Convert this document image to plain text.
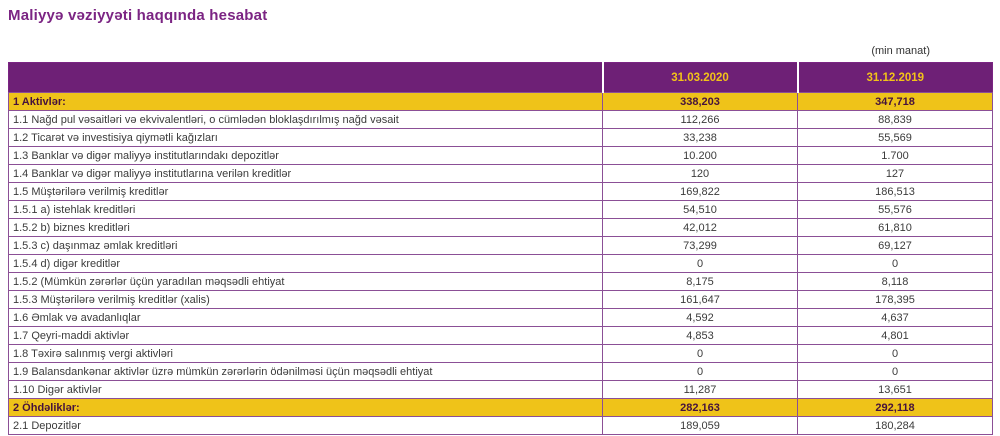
Maliyyə vəziyyəti haqqında hesabat
(min manat)
	31.03.2020	31.12.2019
1 Aktivlər:	338,203	347,718
1.1 Nağd pul vəsaitləri və ekvivalentləri, o cümlədən bloklaşdırılmış nağd vəsait	112,266	88,839
1.2 Ticarət və investisiya qiymətli kağızları	33,238	55,569
1.3 Banklar və digər maliyyə institutlarındakı depozitlər	10.200	1.700
1.4 Banklar və digər maliyyə institutlarına verilən kreditlər	120	127
1.5 Müştərilərə verilmiş kreditlər	169,822	186,513
1.5.1 a) istehlak kreditləri	54,510	55,576
1.5.2 b) biznes kreditləri	42,012	61,810
1.5.3 c) daşınmaz əmlak kreditləri	73,299	69,127
1.5.4 d) digər kreditlər	0	0
1.5.2 (Mümkün zərərlər üçün yaradılan məqsədli ehtiyat	8,175	8,118
1.5.3 Müştərilərə verilmiş kreditlər (xalis)	161,647	178,395
1.6 Əmlak və avadanlıqlar	4,592	4,637
1.7 Qeyri-maddi aktivlər	4,853	4,801
1.8 Təxirə salınmış vergi aktivləri	0	0
1.9 Balansdankənar aktivlər üzrə mümkün zərərlərin ödənilməsi üçün məqsədli ehtiyat	0	0
1.10 Digər aktivlər	11,287	13,651
2 Öhdəliklər:	282,163	292,118
2.1 Depozitlər	189,059	180,284
